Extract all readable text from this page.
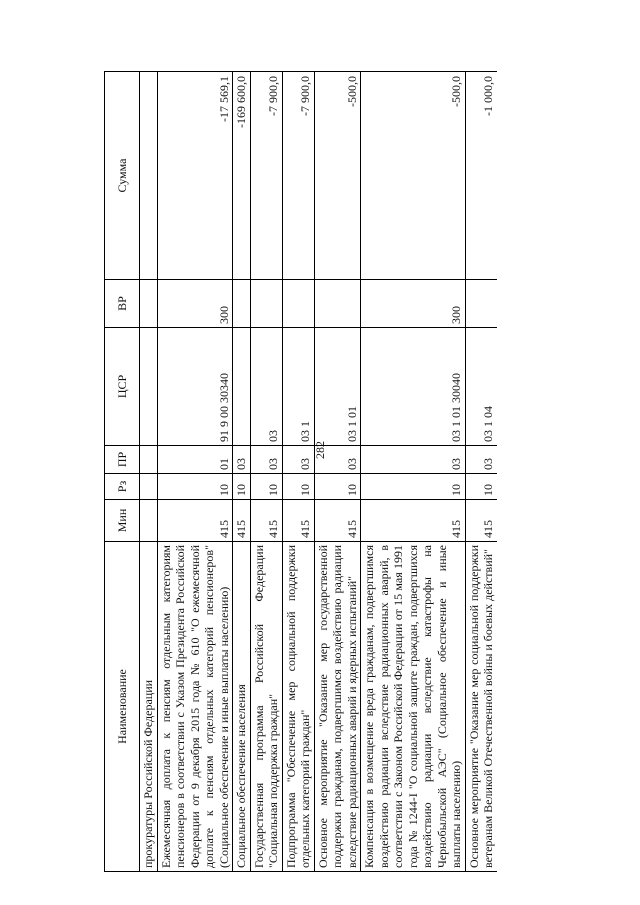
282
Наименование	Мин	Рз	ПР	ЦСР	ВР	Сумма
прокуратуры Российской Федерации						
Ежемесячная доплата к пенсиям отдельным категориям пенсионеров в соответствии с Указом Президента Российской Федерации от 9 декабря 2015 года № 610 "О ежемесячной доплате к пенсиям отдельных категорий пенсионеров" (Социальное обеспечение и иные выплаты населению)	415	10	01	91 9 00 30340	300	-17 569,1
Социальное обеспечение населения	415	10	03			-169 600,0
Государственная программа Российской Федерации "Социальная поддержка граждан"	415	10	03	03		-7 900,0
Подпрограмма "Обеспечение мер социальной поддержки отдельных категорий граждан"	415	10	03	03 1		-7 900,0
Основное мероприятие "Оказание мер государственной поддержки гражданам, подвергшимся воздействию радиации вследствие радиационных аварий и ядерных испытаний"	415	10	03	03 1 01		-500,0
Компенсация в возмещение вреда гражданам, подвергшимся воздействию радиации вследствие радиационных аварий, в соответствии с Законом Российской Федерации от 15 мая 1991 года № 1244-I "О социальной защите граждан, подвергшихся воздействию радиации вследствие катастрофы на Чернобыльской АЭС" (Социальное обеспечение и иные выплаты населению)	415	10	03	03 1 01 30040	300	-500,0
Основное мероприятие "Оказание мер социальной поддержки ветеранам Великой Отечественной войны и боевых действий"	415	10	03	03 1 04		-1 000,0
